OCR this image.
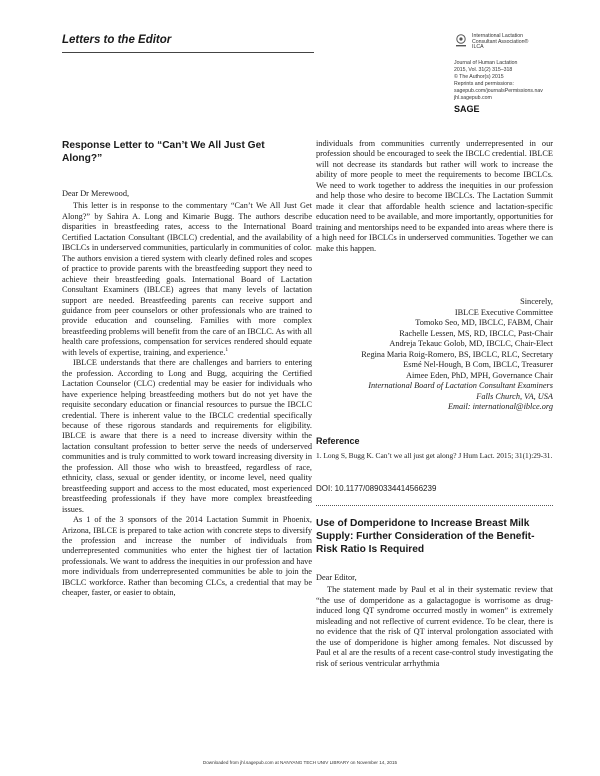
Letters to the Editor	International Lactation
Consultant Association®
ILCA
Journal of Human Lactation
2015, Vol. 31(2) 315–318
© The Author(s) 2015
Reprints and permissions:
sagepub.com/journalsPermissions.nav
jhl.sagepub.com
SAGE
Response Letter to “Can’t We All Just Get Along?”

Dear Dr Merewood,

This letter is in response to the commentary “Can’t We All Just Get Along?” by Sahira A. Long and Kimarie Bugg. The authors describe disparities in breastfeeding rates, access to the International Board Certified Lactation Consultant (IBCLC) credential, and the availability of IBCLCs in underserved communities, particularly in communities of color. The authors envision a tiered system with clearly defined roles and scopes of practice to provide parents with the breastfeeding support they need to achieve their breastfeeding goals. International Board of Lactation Consultant Examiners (IBLCE) agrees that many levels of lactation support are needed. Breastfeeding parents can receive support and guidance from peer counselors or other professionals who are trained to provide education and counseling. Families with more complex breastfeeding problems will benefit from the care of an IBCLC. As with all health care professions, compensation for services rendered should equate with levels of expertise, training, and experience.$^1$

IBLCE understands that there are challenges and barriers to entering the profession. According to Long and Bugg, acquiring the Certified Lactation Counselor (CLC) credential may be easier for individuals who have experience helping breastfeeding mothers but do not yet have the requisite secondary education or financial resources to pursue the IBCLC credential. There is inherent value to the IBCLC credential specifically because of these rigorous standards and requirements for eligibility. IBLCE is aware that there is a need to increase diversity within the lactation consultant profession to better serve the needs of underserved communities and is truly committed to work toward increasing diversity in the profession. All those who wish to breastfeed, regardless of race, ethnicity, class, sexual or gender identity, or income level, need quality breastfeeding support and access to the most educated, most experienced breastfeeding professionals if they have more complex breastfeeding issues.

As 1 of the 3 sponsors of the 2014 Lactation Summit in Phoenix, Arizona, IBLCE is prepared to take action with concrete steps to diversify the profession and increase the number of individuals from underrepresented communities who enter the highest tier of lactation professionals. We want to address the inequities in our profession and have more individuals from underrepresented communities be able to join the IBCLC workforce. Rather than becoming CLCs, a credential that may be cheaper, faster, or easier to obtain,

individuals from communities currently underrepresented in our profession should be encouraged to seek the IBCLC credential. IBLCE will not decrease its standards but rather will work to increase the ability of more people to meet the requirements to become IBCLCs. We need to work together to address the inequities in our profession and help those who desire to become IBCLCs. The Lactation Summit made it clear that affordable health science and lactation-specific education need to be available, and more importantly, opportunities for training and mentorships need to be expanded into areas where there is a high need for IBCLCs in underserved communities. Together we can make this happen.

Sincerely,
IBLCE Executive Committee
Tomoko Seo, MD, IBCLC, FABM, Chair
Rachelle Lessen, MS, RD, IBCLC, Past-Chair
Andreja Tekauc Golob, MD, IBCLC, Chair-Elect
Regina Maria Roig-Romero, BS, IBCLC, RLC, Secretary
Esmé Nel-Hough, B Com, IBCLC, Treasurer
Aimee Eden, PhD, MPH, Governance Chair
International Board of Lactation Consultant Examiners
Falls Church, VA, USA
Email: international@iblce.org
Reference
1. Long S, Bugg K. Can’t we all just get along? J Hum Lact. 2015; 31(1):29-31.
DOI: 10.1177/0890334414566239
Use of Domperidone to Increase Breast Milk Supply: Further Consideration of the Benefit-Risk Ratio Is Required

Dear Editor,

The statement made by Paul et al in their systematic review that “the use of domperidone as a galactagogue is worrisome as drug-induced long QT syndrome occurred mostly in women” is extremely misleading and not reflective of current evidence. To be clear, there is no evidence that the risk of QT interval prolongation associated with the use of domperidone is higher among females. Not discussed by Paul et al are the results of a recent case-control study investigating the risk of serious ventricular arrhythmia

Downloaded from jhl.sagepub.com at NANYANG TECH UNIV LIBRARY on November 14, 2015
